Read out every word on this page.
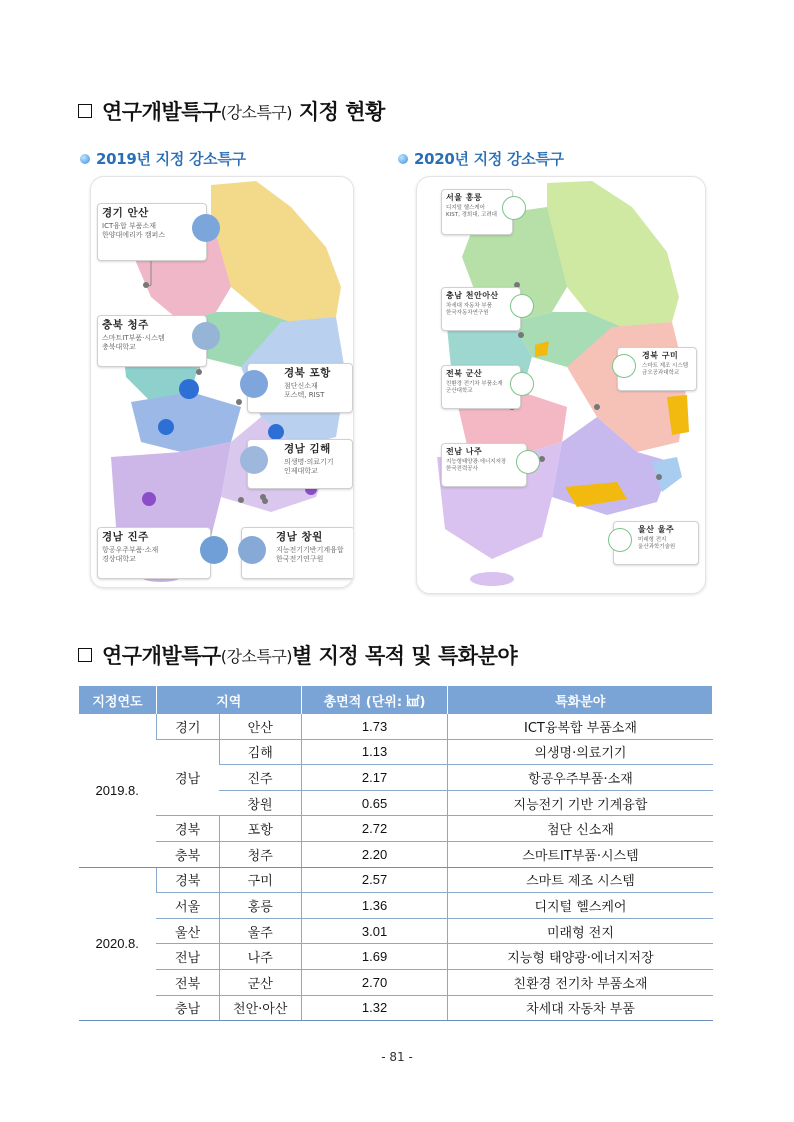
연구개발특구 (강소특구) 지정 현황
2019년 지정 강소특구	2020년 지정 강소특구
경기 안산
ICT융합 부품소재
한양대에리카 캠퍼스
충북 청주
스마트IT부품·시스템
충북대학교
경북 포항
첨단신소재
포스텍, RIST
경남 김해
의생명·의료기기
인제대학교
경남 진주
항공우주부품·소재
경상대학교
경남 창원
지능전기기반기계융합
한국전기연구원
서울 홍릉
디지털 헬스케어
KIST, 경희대, 고려대
충남 천안아산
차세대 자동차 부품
한국자동차연구원
전북 군산
친환경 전기차 부품소재
군산대학교
경북 구미
스마트 제조 시스템
금오공과대학교
전남 나주
지능형태양광·에너지저장
한국전력공사
울산 울주
미래형 전지
울산과학기술원
연구개발특구 (강소특구) 별 지정 목적 및 특화분야
지정연도	지역		총면적 (단위: ㎢)	특화분야
2019.8.	경기	안산	1.73	ICT융복합 부품소재
	경남	김해	1.13	의생명·의료기기
		진주	2.17	항공우주부품·소재
		창원	0.65	지능전기 기반 기계융합
	경북	포항	2.72	첨단 신소재
	충북	청주	2.20	스마트IT부품·시스템
2020.8.	경북	구미	2.57	스마트 제조 시스템
	서울	홍릉	1.36	디지털 헬스케어
	울산	울주	3.01	미래형 전지
	전남	나주	1.69	지능형 태양광·에너지저장
	전북	군산	2.70	친환경 전기차 부품소재
	충남	천안·아산	1.32	차세대 자동차 부품
- 81 -
